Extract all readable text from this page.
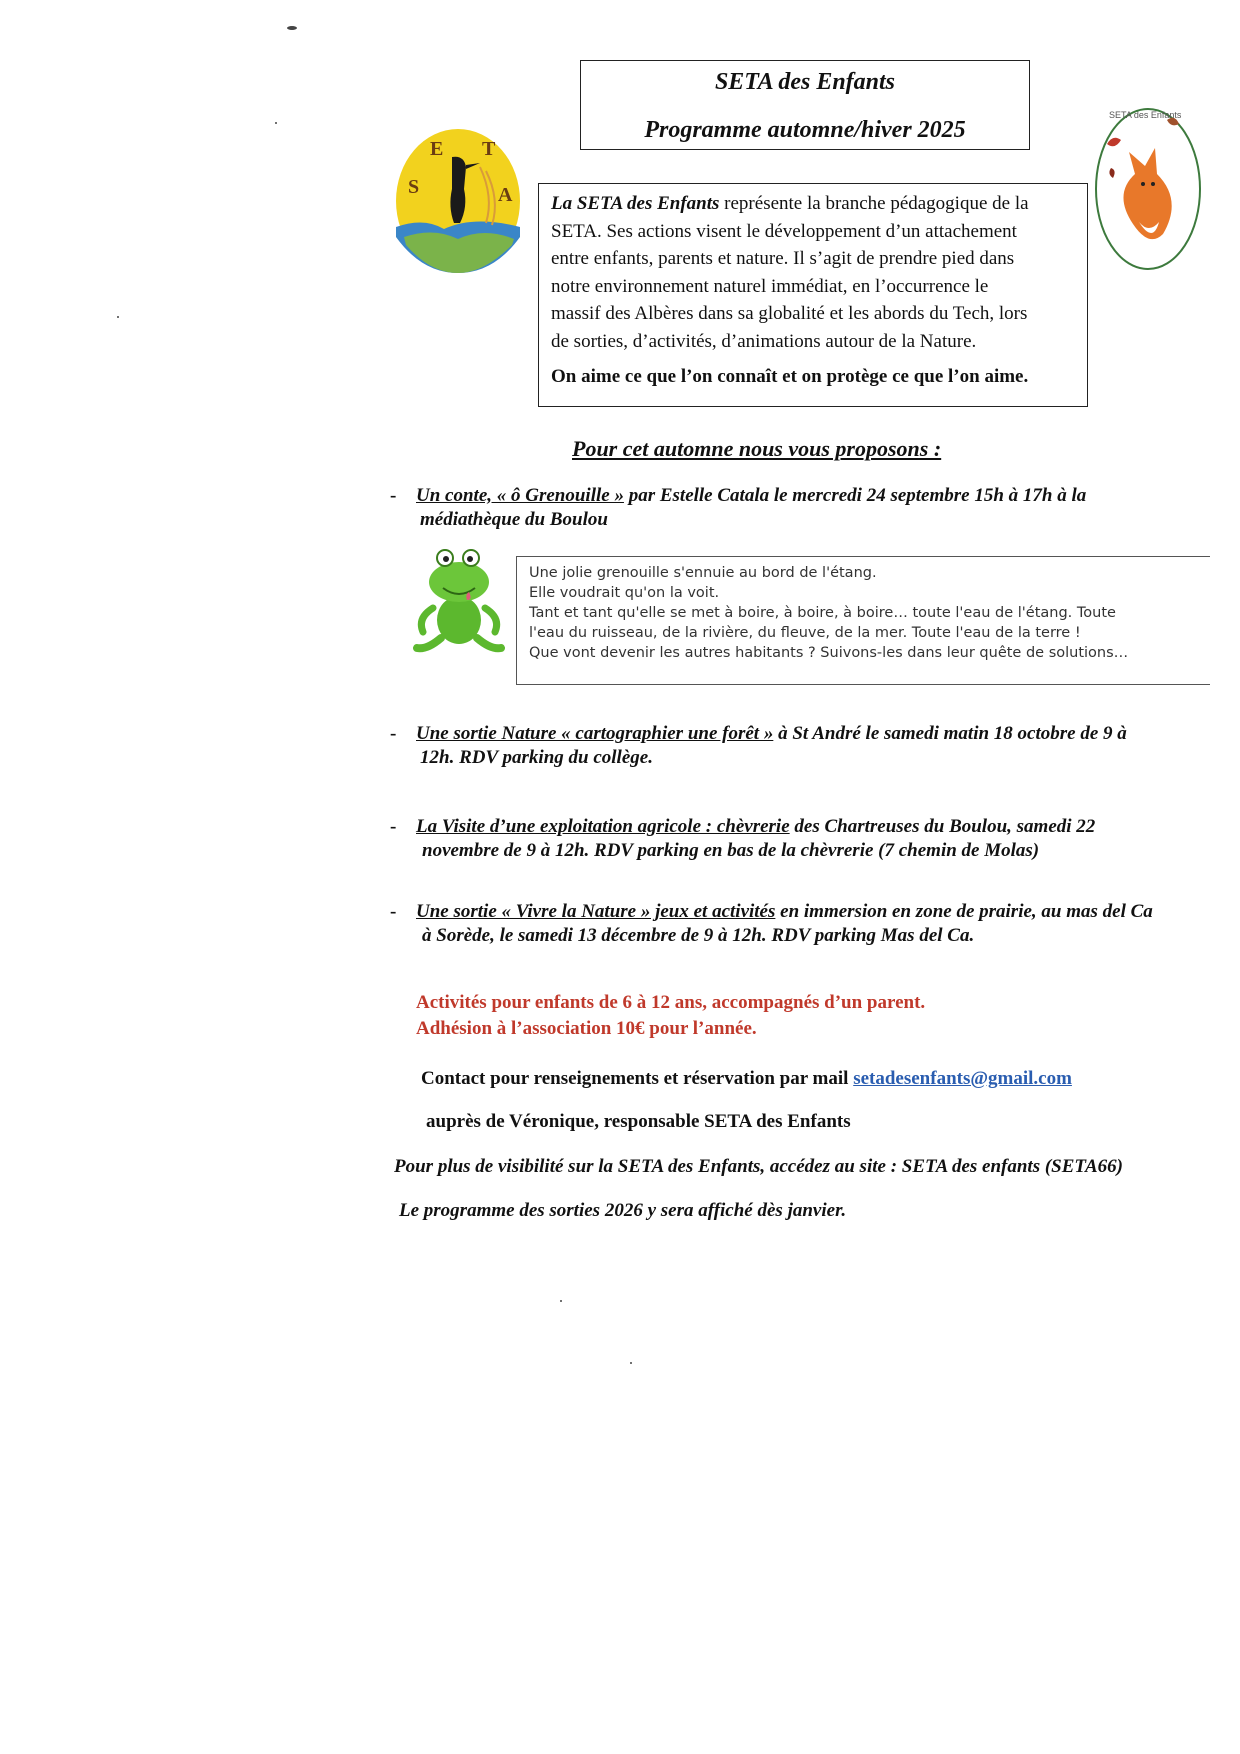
S
E T
A
SETA des Enfants
SETA des Enfants
Programme automne/hiver 2025

La SETA des Enfants représente la branche pédagogique de la
SETA. Ses actions visent le développement d’un attachement
entre enfants, parents et nature. Il s’agit de prendre pied dans
notre environnement naturel immédiat, en l’occurrence le
massif des Albères dans sa globalité et les abords du Tech, lors
de sorties, d’activités, d’animations autour de la Nature.

On aime ce que l’on connaît et on protège ce que l’on aime.

Pour cet automne nous vous proposons :
- Un conte, « ô Grenouille » par Estelle Catala le mercredi 24 septembre 15h à 17h à la
médiathèque du Boulou
Une jolie grenouille s'ennuie au bord de l'étang.
Elle voudrait qu'on la voit.
Tant et tant qu'elle se met à boire, à boire, à boire… toute l'eau de l'étang. Toute
l'eau du ruisseau, de la rivière, du fleuve, de la mer. Toute l'eau de la terre !
Que vont devenir les autres habitants ? Suivons-les dans leur quête de solutions…
- Une sortie Nature « cartographier une forêt » à St André le samedi matin 18 octobre de 9 à
12h. RDV parking du collège.
- La Visite d’une exploitation agricole : chèvrerie des Chartreuses du Boulou, samedi 22
novembre de 9 à 12h. RDV parking en bas de la chèvrerie (7 chemin de Molas)
- Une sortie « Vivre la Nature » jeux et activités en immersion en zone de prairie, au mas del Ca
à Sorède, le samedi 13 décembre de 9 à 12h. RDV parking Mas del Ca.
Activités pour enfants de 6 à 12 ans, accompagnés d’un parent.
Adhésion à l’association 10€ pour l’année.
Contact pour renseignements et réservation par mail setadesenfants@gmail.com
auprès de Véronique, responsable SETA des Enfants
Pour plus de visibilité sur la SETA des Enfants, accédez au site : SETA des enfants (SETA66)
Le programme des sorties 2026 y sera affiché dès janvier.
